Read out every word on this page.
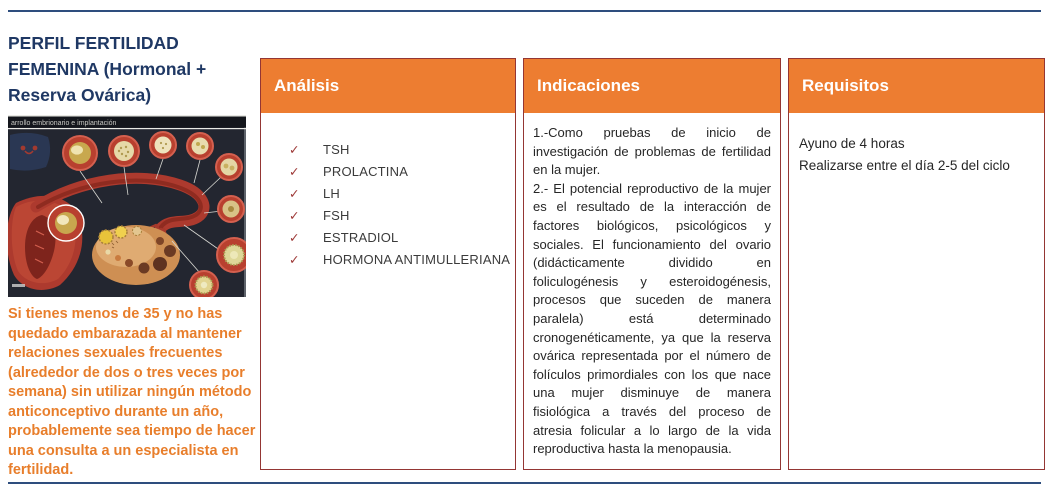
PERFIL FERTILIDAD FEMENINA (Hormonal + Reserva Ovárica)
arrollo embrionario e implantación
Si tienes menos de 35 y no has quedado embarazada al mantener relaciones sexuales frecuentes (alrededor de dos o tres veces por semana) sin utilizar ningún método anticonceptivo durante un año, probablemente sea tiempo de hacer una consulta a un especialista en fertilidad.
Análisis
✓	TSH
✓	PROLACTINA
✓	LH
✓	FSH
✓	ESTRADIOL
✓	HORMONA ANTIMULLERIANA
Indicaciones

1.-Como pruebas de inicio de investigación de problemas de fertilidad en la mujer.

2.- El potencial reproductivo de la mujer es el resultado de la interacción de factores biológicos, psicológicos y sociales. El funcionamiento del ovario (didácticamente dividido en foliculogénesis y esteroidogénesis, procesos que suceden de manera paralela) está determinado cronogenéticamente, ya que la reserva ovárica representada por el número de folículos primordiales con los que nace una mujer disminuye de manera fisiológica a través del proceso de atresia folicular a lo largo de la vida reproductiva hasta la menopausia.

Requisitos
Ayuno de 4 horas
Realizarse entre el día 2-5 del ciclo
